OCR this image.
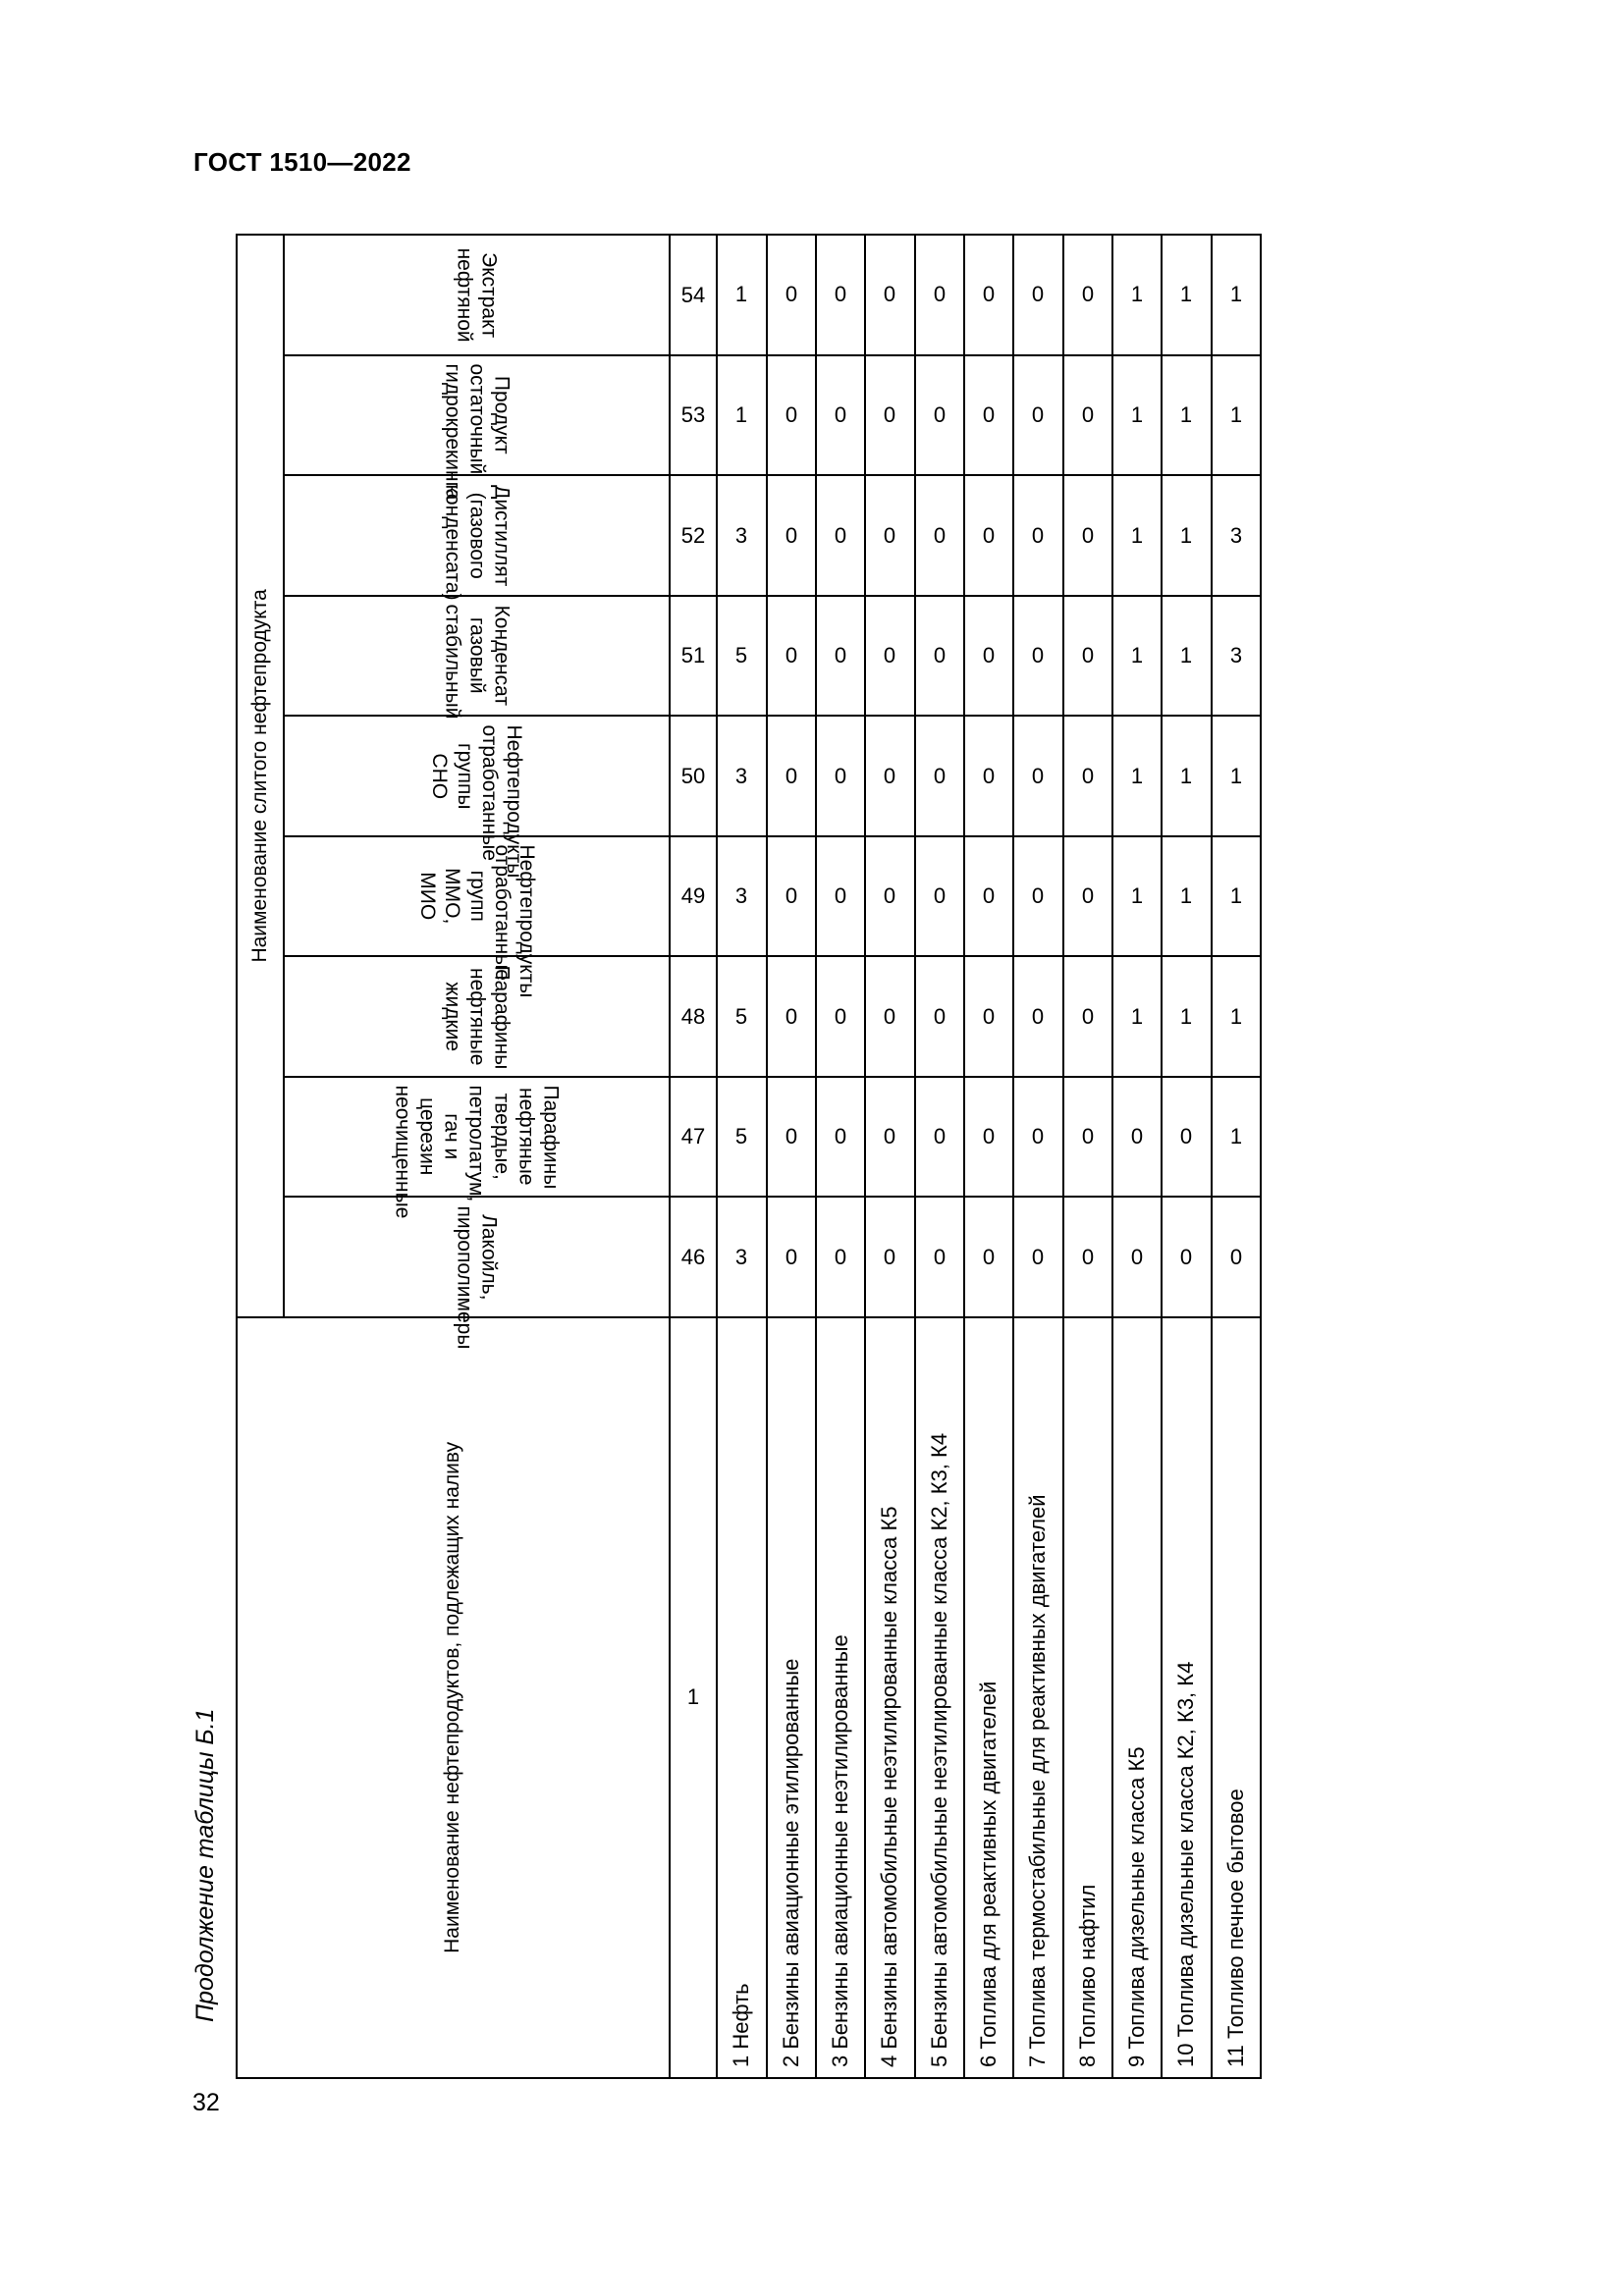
ГОСТ 1510—2022
Продолжение таблицы Б.1
32
Наименование нефтепродуктов, подлежащих наливу	Наименование слитого нефтепродукта								

	Лакойль, пирополимеры	Парафины нефтяные твердые, петролатум, гач и церезин неочищенные	Парафины нефтяные жидкие	Нефтепродукты отработанные групп ММО, МИО	Нефтепродукты отработанные группы СНО	Конденсат газовый стабильный	Дистиллят (газового конденсата)	Продукт остаточный гидрокрекинга	Экстракт нефтяной

1	46	47	48	49	50	51	52	53	54
1 Нефть	3	5	5	3	3	5	3	1	1
2 Бензины авиационные этилированные	0	0	0	0	0	0	0	0	0
3 Бензины авиационные неэтилированные	0	0	0	0	0	0	0	0	0
4 Бензины автомобильные неэтилированные класса К5	0	0	0	0	0	0	0	0	0
5 Бензины автомобильные неэтилированные класса К2, К3, К4	0	0	0	0	0	0	0	0	0
6 Топлива для реактивных двигателей	0	0	0	0	0	0	0	0	0
7 Топлива термостабильные для реактивных двигателей	0	0	0	0	0	0	0	0	0
8 Топливо нафтил	0	0	0	0	0	0	0	0	0
9 Топлива дизельные класса К5	0	0	1	1	1	1	1	1	1
10 Топлива дизельные класса К2, К3, К4	0	0	1	1	1	1	1	1	1
11 Топливо печное бытовое	0	1	1	1	1	3	3	1	1
